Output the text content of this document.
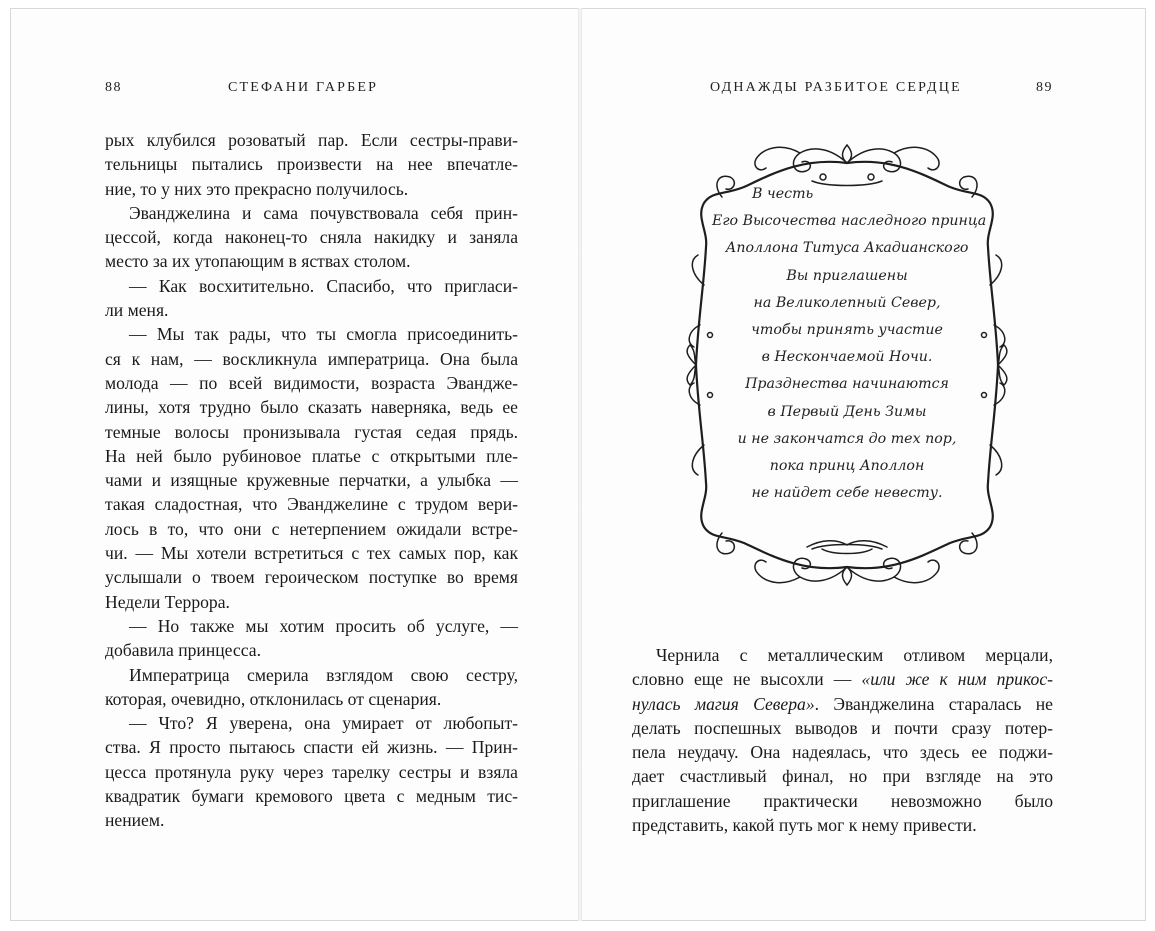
88	СТЕФАНИ ГАРБЕР
рых клубился розоватый пар. Если сестры-прави-
тельницы пытались произвести на нее впечатле-
ние, то у них это прекрасно получилось.
Эванджелина и сама почувствовала себя прин-
цессой, когда наконец-то сняла накидку и заняла
место за их утопающим в яствах столом.
— Как восхитительно. Спасибо, что пригласи-
ли меня.
— Мы так рады, что ты смогла присоединить-
ся к нам, — воскликнула императрица. Она была
молода — по всей видимости, возраста Эвандже-
лины, хотя трудно было сказать наверняка, ведь ее
темные волосы пронизывала густая седая прядь.
На ней было рубиновое платье с открытыми пле-
чами и изящные кружевные перчатки, а улыбка —
такая сладостная, что Эванджелине с трудом вери-
лось в то, что они с нетерпением ожидали встре-
чи. — Мы хотели встретиться с тех самых пор, как
услышали о твоем героическом поступке во время
Недели Террора.
— Но также мы хотим просить об услуге, —
добавила принцесса.
Императрица смерила взглядом свою сестру,
которая, очевидно, отклонилась от сценария.
— Что? Я уверена, она умирает от любопыт-
ства. Я просто пытаюсь спасти ей жизнь. — Прин-
цесса протянула руку через тарелку сестры и взяла
квадратик бумаги кремового цвета с медным тис-
нением.
ОДНАЖДЫ РАЗБИТОЕ СЕРДЦЕ	89
В честь
Его Высочества наследного принца
Аполлона Титуса Акадианского
Вы приглашены
на Великолепный Север,
чтобы принять участие
в Нескончаемой Ночи.
Празднества начинаются
в Первый День Зимы
и не закончатся до тех пор,
пока принц Аполлон
не найдет себе невесту.
Чернила с металлическим отливом мерцали,
словно еще не высохли — «или же к ним прикос-
нулась магия Севера». Эванджелина старалась не
делать поспешных выводов и почти сразу потер-
пела неудачу. Она надеялась, что здесь ее поджи-
дает счастливый финал, но при взгляде на это
приглашение практически невозможно было
представить, какой путь мог к нему привести.
